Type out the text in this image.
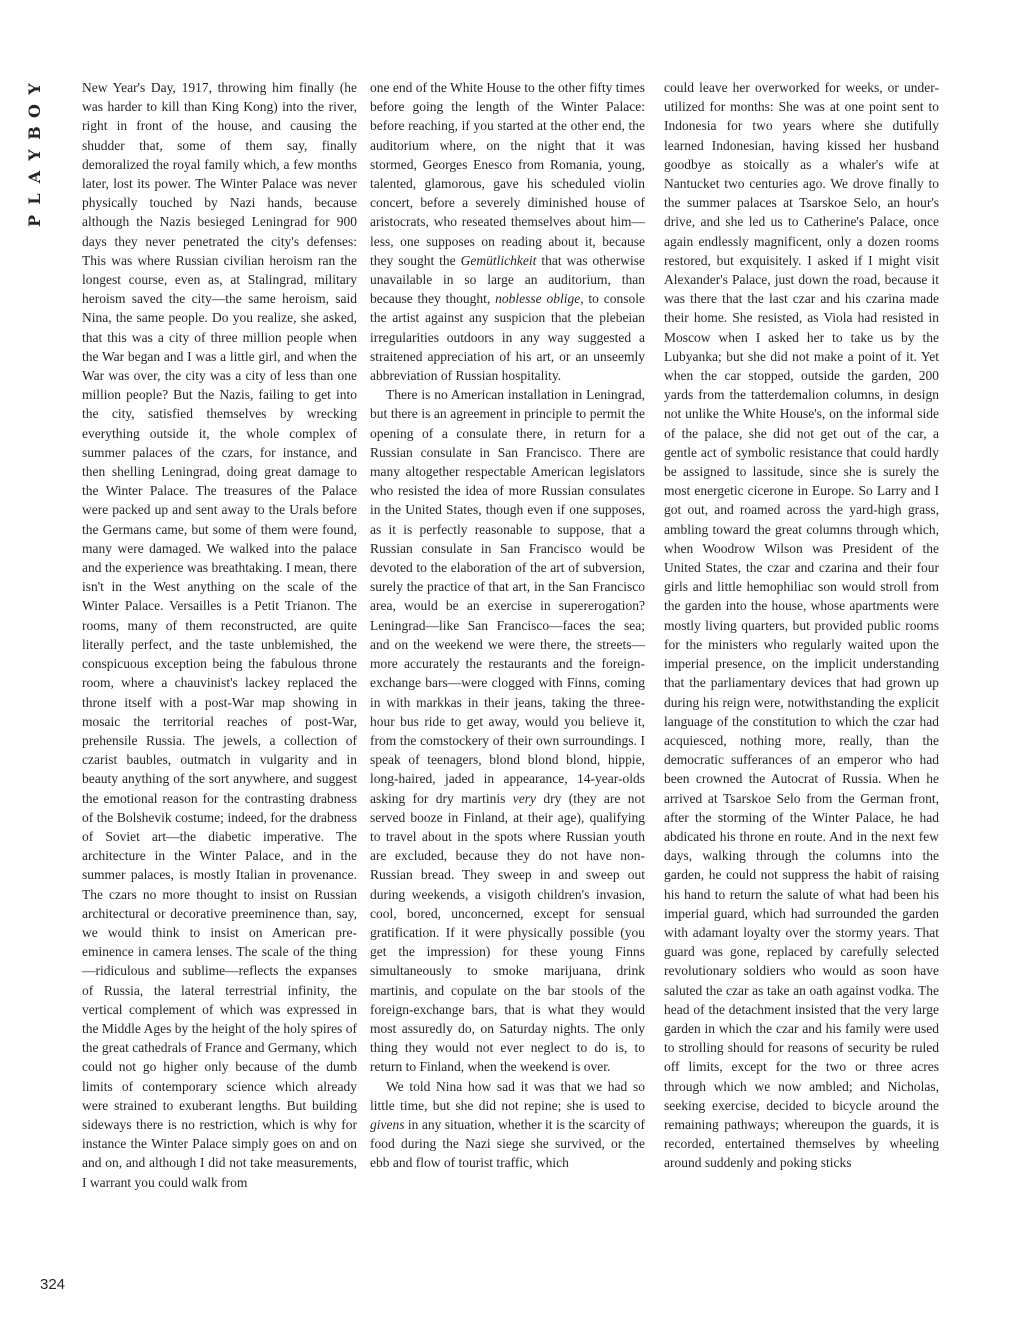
Y
O
B
Y
A
L
P

New Year's Day, 1917, throwing him finally (he was harder to kill than King Kong) into the river, right in front of the house, and causing the shudder that, some of them say, finally demoralized the royal family which, a few months later, lost its power. The Winter Palace was never physically touched by Nazi hands, because although the Nazis besieged Leningrad for 900 days they never penetrated the city's defenses: This was where Russian civilian heroism ran the longest course, even as, at Stalingrad, military heroism saved the city—the same heroism, said Nina, the same people. Do you realize, she asked, that this was a city of three million people when the War began and I was a little girl, and when the War was over, the city was a city of less than one million people? But the Nazis, failing to get into the city, satisfied themselves by wrecking everything outside it, the whole complex of summer palaces of the czars, for instance, and then shelling Leningrad, doing great damage to the Winter Palace. The treasures of the Palace were packed up and sent away to the Urals before the Germans came, but some of them were found, many were damaged. We walked into the palace and the experience was breathtaking. I mean, there isn't in the West anything on the scale of the Winter Palace. Versailles is a Petit Trianon. The rooms, many of them reconstructed, are quite literally perfect, and the taste unblemished, the conspicuous exception being the fabulous throne room, where a chauvinist's lackey replaced the throne itself with a post-War map showing in mosaic the territorial reaches of post-War, prehensile Russia. The jewels, a collection of czarist baubles, outmatch in vulgarity and in beauty anything of the sort anywhere, and suggest the emotional reason for the contrasting drabness of the Bolshevik costume; indeed, for the drabness of Soviet art—the diabetic imperative. The architecture in the Winter Palace, and in the summer palaces, is mostly Italian in provenance. The czars no more thought to insist on Russian architectural or decorative preeminence than, say, we would think to insist on American pre-eminence in camera lenses. The scale of the thing—ridiculous and sublime—reflects the expanses of Russia, the lateral terrestrial infinity, the vertical complement of which was expressed in the Middle Ages by the height of the holy spires of the great cathedrals of France and Germany, which could not go higher only because of the dumb limits of contemporary science which already were strained to exuberant lengths. But building sideways there is no restriction, which is why for instance the Winter Palace simply goes on and on and on, and although I did not take measurements, I warrant you could walk from

one end of the White House to the other fifty times before going the length of the Winter Palace: before reaching, if you started at the other end, the auditorium where, on the night that it was stormed, Georges Enesco from Romania, young, talented, glamorous, gave his scheduled violin concert, before a severely diminished house of aristocrats, who reseated themselves about him—less, one supposes on reading about it, because they sought the Gemütlichkeit that was otherwise unavailable in so large an auditorium, than because they thought, noblesse oblige, to console the artist against any suspicion that the plebeian irregularities outdoors in any way suggested a straitened appreciation of his art, or an unseemly abbreviation of Russian hospitality.

There is no American installation in Leningrad, but there is an agreement in principle to permit the opening of a consulate there, in return for a Russian consulate in San Francisco. There are many altogether respectable American legislators who resisted the idea of more Russian consulates in the United States, though even if one supposes, as it is perfectly reasonable to suppose, that a Russian consulate in San Francisco would be devoted to the elaboration of the art of subversion, surely the practice of that art, in the San Francisco area, would be an exercise in supererogation? Leningrad—like San Francisco—faces the sea; and on the weekend we were there, the streets—more accurately the restaurants and the foreign-exchange bars—were clogged with Finns, coming in with markkas in their jeans, taking the three-hour bus ride to get away, would you believe it, from the comstockery of their own surroundings. I speak of teenagers, blond blond blond, hippie, long-haired, jaded in appearance, 14-year-olds asking for dry martinis very dry (they are not served booze in Finland, at their age), qualifying to travel about in the spots where Russian youth are excluded, because they do not have non-Russian bread. They sweep in and sweep out during weekends, a visigoth children's invasion, cool, bored, unconcerned, except for sensual gratification. If it were physically possible (you get the impression) for these young Finns simultaneously to smoke marijuana, drink martinis, and copulate on the bar stools of the foreign-exchange bars, that is what they would most assuredly do, on Saturday nights. The only thing they would not ever neglect to do is, to return to Finland, when the weekend is over.

We told Nina how sad it was that we had so little time, but she did not repine; she is used to givens in any situation, whether it is the scarcity of food during the Nazi siege she survived, or the ebb and flow of tourist traffic, which

could leave her overworked for weeks, or under-utilized for months: She was at one point sent to Indonesia for two years where she dutifully learned Indonesian, having kissed her husband goodbye as stoically as a whaler's wife at Nantucket two centuries ago. We drove finally to the summer palaces at Tsarskoe Selo, an hour's drive, and she led us to Catherine's Palace, once again endlessly magnificent, only a dozen rooms restored, but exquisitely. I asked if I might visit Alexander's Palace, just down the road, because it was there that the last czar and his czarina made their home. She resisted, as Viola had resisted in Moscow when I asked her to take us by the Lubyanka; but she did not make a point of it. Yet when the car stopped, outside the garden, 200 yards from the tatterdemalion columns, in design not unlike the White House's, on the informal side of the palace, she did not get out of the car, a gentle act of symbolic resistance that could hardly be assigned to lassitude, since she is surely the most energetic cicerone in Europe. So Larry and I got out, and roamed across the yard-high grass, ambling toward the great columns through which, when Woodrow Wilson was President of the United States, the czar and czarina and their four girls and little hemophiliac son would stroll from the garden into the house, whose apartments were mostly living quarters, but provided public rooms for the ministers who regularly waited upon the imperial presence, on the implicit understanding that the parliamentary devices that had grown up during his reign were, notwithstanding the explicit language of the constitution to which the czar had acquiesced, nothing more, really, than the democratic sufferances of an emperor who had been crowned the Autocrat of Russia. When he arrived at Tsarskoe Selo from the German front, after the storming of the Winter Palace, he had abdicated his throne en route. And in the next few days, walking through the columns into the garden, he could not suppress the habit of raising his hand to return the salute of what had been his imperial guard, which had surrounded the garden with adamant loyalty over the stormy years. That guard was gone, replaced by carefully selected revolutionary soldiers who would as soon have saluted the czar as take an oath against vodka. The head of the detachment insisted that the very large garden in which the czar and his family were used to strolling should for reasons of security be ruled off limits, except for the two or three acres through which we now ambled; and Nicholas, seeking exercise, decided to bicycle around the remaining pathways; whereupon the guards, it is recorded, entertained themselves by wheeling around suddenly and poking sticks

324
